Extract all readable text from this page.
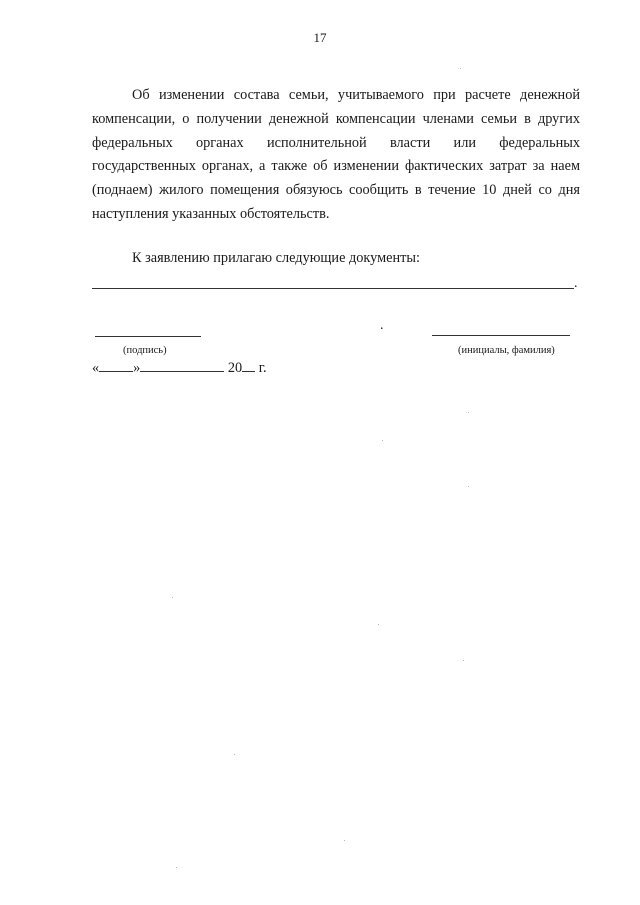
17

Об изменении состава семьи, учитываемого при расчете денежной компенсации, о получении денежной компенсации членами семьи в других федеральных органах исполнительной власти или федеральных государственных органах, а также об изменении фактических затрат за наем (поднаем) жилого помещения обязуюсь сообщить в течение 10 дней со дня наступления указанных обстоятельств.

К заявлению прилагаю следующие документы:

.
.
(подпись)	(инициалы, фамилия)
« »	20 г.
